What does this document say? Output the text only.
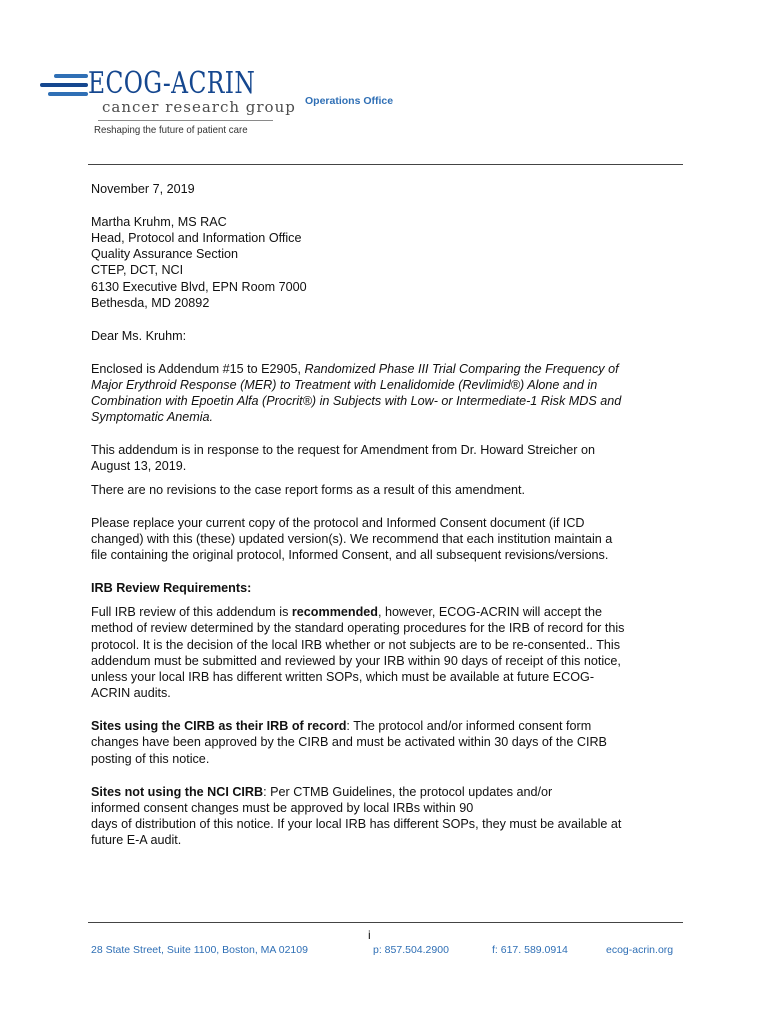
ECOG-ACRIN
cancer research group
Reshaping the future of patient care
Operations Office
November 7, 2019
Martha Kruhm, MS RAC
Head, Protocol and Information Office
Quality Assurance Section
CTEP, DCT, NCI
6130 Executive Blvd, EPN Room 7000
Bethesda, MD 20892
Dear Ms. Kruhm:
Enclosed is Addendum #15 to E2905, Randomized Phase III Trial Comparing the Frequency of
Major Erythroid Response (MER) to Treatment with Lenalidomide (Revlimid®) Alone and in
Combination with Epoetin Alfa (Procrit®) in Subjects with Low- or Intermediate-1 Risk MDS and
Symptomatic Anemia.
This addendum is in response to the request for Amendment from Dr. Howard Streicher on
August 13, 2019.
There are no revisions to the case report forms as a result of this amendment.
Please replace your current copy of the protocol and Informed Consent document (if ICD
changed) with this (these) updated version(s). We recommend that each institution maintain a
file containing the original protocol, Informed Consent, and all subsequent revisions/versions.
IRB Review Requirements:
Full IRB review of this addendum is recommended, however, ECOG-ACRIN will accept the
method of review determined by the standard operating procedures for the IRB of record for this
protocol. It is the decision of the local IRB whether or not subjects are to be re-consented.. This
addendum must be submitted and reviewed by your IRB within 90 days of receipt of this notice,
unless your local IRB has different written SOPs, which must be available at future ECOG-
ACRIN audits.
Sites using the CIRB as their IRB of record: The protocol and/or informed consent form
changes have been approved by the CIRB and must be activated within 30 days of the CIRB
posting of this notice.
Sites not using the NCI CIRB: Per CTMB Guidelines, the protocol updates and/or
informed consent changes must be approved by local IRBs within 90
days of distribution of this notice. If your local IRB has different SOPs, they must be available at
future E-A audit.
i
28 State Street, Suite 1100, Boston, MA 02109	p: 857.504.2900	f: 617. 589.0914	ecog-acrin.org
